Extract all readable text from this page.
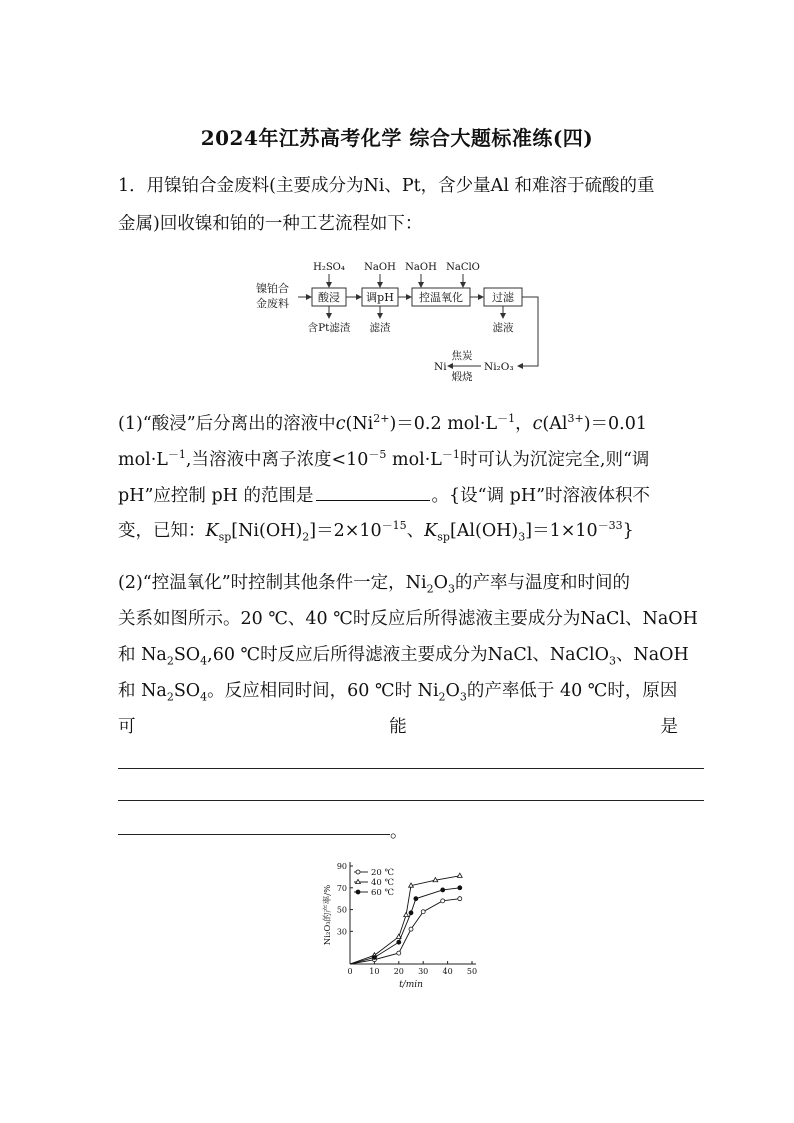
2024年江苏高考化学 综合大题标准练(四)
1．用镍铂合金废料(主要成分为Ni、Pt，含少量Al 和难溶于硫酸的重
金属)回收镍和铂的一种工艺流程如下：
镍铂合
金废料	酸浸 调pH 控温氧化	过滤
H₂SO₄ NaOH NaOH NaClO
含Pt滤渣 滤渣	滤液
Ni₂O₃
Ni
焦炭
煅烧
(1)“酸浸”后分离出的溶液中$c(Ni^{2+})=0.2$ $mol\cdot L^{-1}$，$c(Al^{3+})=0.01$
$mol\cdot L^{-1}$,当溶液中离子浓度$<10^{-5}$ $mol\cdot L^{-1}$时可认为沉淀完全,则“调
pH”应控制 pH 的范围是	。{设“调 pH”时溶液体积不
变，已知：$K_{sp}[Ni(OH)_2]=2\times 10^{-15}$、$K_{sp}[Al(OH)_3]=1\times 10^{-33}$}
(2)“控温氧化”时控制其他条件一定，$Ni_2O_3$的产率与温度和时间的
关系如图所示。20 ℃、40 ℃时反应后所得滤液主要成分为NaCl、NaOH
和 $Na_2SO_4,60$ ℃时反应后所得滤液主要成分为NaCl、NaClO$_3$、NaOH
和 $Na_2SO_4$。反应相同时间，60 ℃时 $Ni_2O_3$的产率低于 40 ℃时，原因
可	能	是
。
0 10 20 30 40 50
30
50
70
90
t/min
Ni₂O₃的产率/%
20 ℃
40 ℃
60 ℃
